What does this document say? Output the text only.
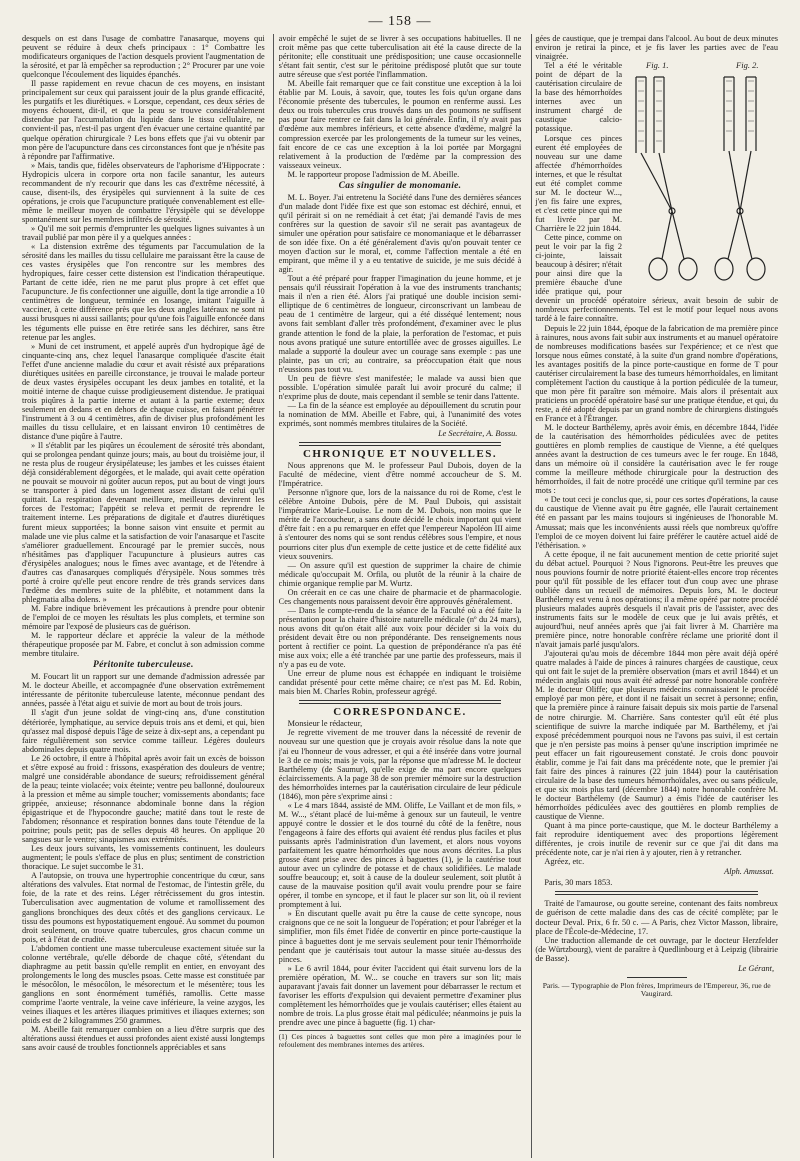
— 158 —

desquels on est dans l'usage de combattre l'anasarque, moyens qui peuvent se réduire à deux chefs principaux : 1° Combattre les modificateurs organiques de l'action desquels provient l'augmentation de la sérosité, et par là empêcher sa reproduction ; 2° Procurer par une voie quelconque l'écoulement des liquides épanchés.

Il passe rapidement en revue chacun de ces moyens, en insistant principalement sur ceux qui paraissent jouir de la plus grande efficacité, les purgatifs et les diurétiques. « Lorsque, cependant, ces deux séries de moyens échouent, dit-il, et que la peau se trouve considérablement distendue par l'accumulation du liquide dans le tissu cellulaire, ne convient-il pas, n'est-il pas urgent d'en évacuer une certaine quantité par quelque opération chirurgicale ? Les bons effets que j'ai vu obtenir par mon père de l'acupuncture dans ces circonstances font que je n'hésite pas à répondre par l'affirmative.

» Mais, tandis que, fidèles observateurs de l'aphorisme d'Hippocrate : Hydropicis ulcera in corpore orta non facile sanantur, les auteurs recommandent de n'y recourir que dans les cas d'extrême nécessité, à cause, disent-ils, des érysipèles qui surviennent à la suite de ces opérations, je crois que l'acupuncture pratiquée convenablement est elle-même le meilleur moyen de combattre l'érysipèle qui se développe spontanément sur les membres infiltrés de sérosité.

» Qu'il me soit permis d'emprunter les quelques lignes suivantes à un travail publié par mon père il y a quelques années :

« La distension extrême des téguments par l'accumulation de la sérosité dans les mailles du tissu cellulaire me paraissant être la cause de ces vastes érysipèles que l'on rencontre sur les membres des hydropiques, faire cesser cette distension est l'indication thérapeutique. Partant de cette idée, rien ne me parut plus propre à cet effet que l'acupuncture. Je fis confectionner une aiguille, dont la tige arrondie a 10 centimètres de longueur, terminée en losange, imitant l'aiguille à vacciner, à cette différence près que les deux angles latéraux ne sont ni aussi brusques ni aussi saillants; pour qu'une fois l'aiguille enfoncée dans les téguments elle puisse en être retirée sans les déchirer, sans être retenue par les angles.

» Muni de cet instrument, et appelé auprès d'un hydropique âgé de cinquante-cinq ans, chez lequel l'anasarque compliquée d'ascite était l'effet d'une ancienne maladie du cœur et avait résisté aux préparations diurétiques usitées en pareille circonstance, je trouvai le malade porteur de deux vastes érysipèles occupant les deux jambes en totalité, et la moitié interne de chaque cuisse prodigieusement distendue. Je pratiquai trois piqûres à la partie interne et autant à la partie externe; deux seulement en dedans et en dehors de chaque cuisse, en faisant pénétrer l'instrument à 3 ou 4 centimètres, afin de diviser plus profondément les mailles du tissu cellulaire, et en laissant environ 10 centimètres de distance d'une piqûre à l'autre.

» Il s'établit par les piqûres un écoulement de sérosité très abondant, qui se prolongea pendant quinze jours; mais, au bout du troisième jour, il ne resta plus de rougeur érysipélateuse; les jambes et les cuisses étaient déjà considérablement dégorgées, et le malade, qui avait cette opération ne pouvait se mouvoir ni goûter aucun repos, put au bout de vingt jours se transporter à pied dans un logement assez distant de celui qu'il quittait. La respiration devenant meilleure, meilleures devinrent les forces de l'estomac; l'appétit se releva et permit de reprendre le traitement interne. Les préparations de digitale et d'autres diurétiques furent mieux supportées; la bonne saison vint ensuite et permit au malade une vie plus calme et la satisfaction de voir l'anasarque et l'ascite s'améliorer graduellement. Encouragé par le premier succès, nous n'hésitâmes pas d'appliquer l'acupuncture à plusieurs autres cas d'érysipèles analogues; nous le fîmes avec avantage, et de l'étendre à d'autres cas d'anasarques compliqués d'érysipèle. Nous sommes très porté à croire qu'elle peut encore rendre de très grands services dans l'œdème des membres suite de la phlébite, et notamment dans la phlegmatia alba dolens. »

M. Fabre indique brièvement les précautions à prendre pour obtenir de l'emploi de ce moyen les résultats les plus complets, et termine son mémoire par l'exposé de plusieurs cas de guérison.

M. le rapporteur déclare et apprécie la valeur de la méthode thérapeutique proposée par M. Fabre, et conclut à son admission comme membre titulaire.

Péritonite tuberculeuse.

M. Foucart lit un rapport sur une demande d'admission adressée par M. le docteur Abeille, et accompagnée d'une observation extrêmement intéressante de péritonite tuberculeuse latente, méconnue pendant des années, passée à l'état aigu et suivie de mort au bout de trois jours.

Il s'agit d'un jeune soldat de vingt-cinq ans, d'une constitution détériorée, lymphatique, au service depuis trois ans et demi, et qui, bien qu'assez mal disposé depuis l'âge de seize à dix-sept ans, a cependant pu faire régulièrement son service comme tailleur. Légères douleurs abdominales depuis quatre mois.

Le 26 octobre, il entre à l'hôpital après avoir fait un excès de boisson et s'être exposé au froid : frissons, exaspération des douleurs de ventre; malgré une considérable abondance de sueurs; refroidissement général de la peau; teinte violacée; voix éteinte; ventre peu ballonné, douloureux à la pression et même au simple toucher; vomissements abondants; face grippée, anxieuse; résonnance abdominale bonne dans la région épigastrique et de l'hypocondre gauche; matité dans tout le reste de l'abdomen; résonnance et respiration bonnes dans toute l'étendue de la poitrine; pouls petit; pas de selles depuis 48 heures. On applique 20 sangsues sur le ventre; sinapismes aux extrémités.

Les deux jours suivants, les vomissements continuent, les douleurs augmentent; le pouls s'efface de plus en plus; sentiment de constriction thoracique. Le sujet succombe le 31.

A l'autopsie, on trouva une hypertrophie concentrique du cœur, sans altérations des valvules. Etat normal de l'estomac, de l'intestin grêle, du foie, de la rate et des reins. Léger rétrécissement du gros intestin. Tuberculisation avec augmentation de volume et ramollissement des ganglions bronchiques des deux côtés et des ganglions cervicaux. Le tissu des poumons est hypostatiquement engoué. Au sommet du poumon droit seulement, on trouve quatre tubercules, gros chacun comme un pois, et à l'état de crudité.

L'abdomen contient une masse tuberculeuse exactement située sur la colonne vertébrale, qu'elle déborde de chaque côté, s'étendant du diaphragme au petit bassin qu'elle remplit en entier, en envoyant des prolongements le long des muscles psoas. Cette masse est constituée par le mésocôlon, le mésocôlon, le mésorectum et le mésentère; tous les ganglions en sont énormément tuméfiés, ramollis. Cette masse comprime l'aorte ventrale, la veine cave inférieure, la veine azygos, les veines iliaques et les artères iliaques primitives et iliaques externes; son poids est de 2 kilogrammes 250 grammes.

M. Abeille fait remarquer combien on a lieu d'être surpris que des altérations aussi étendues et aussi profondes aient existé aussi longtemps sans avoir causé de troubles fonctionnels appréciables et sans

avoir empêché le sujet de se livrer à ses occupations habituelles. Il ne croit même pas que cette tuberculisation ait été la cause directe de la péritonite; elle constituait une prédisposition; une cause occasionnelle s'étant fait sentir, c'est sur le péritoine prédisposé plutôt que sur toute autre séreuse que s'est portée l'inflammation.

M. Abeille fait remarquer que ce fait constitue une exception à la loi établie par M. Louis, à savoir, que, toutes les fois qu'un organe dans l'économie présente des tubercules, le poumon en renferme aussi. Les deux ou trois tubercules crus trouvés dans un des poumons ne suffisent pas pour faire rentrer ce fait dans la loi générale. Enfin, il n'y avait pas d'œdème aux membres inférieurs, et cette absence d'œdème, malgré la compression exercée par les prolongements de la tumeur sur les veines, fait encore de ce cas une exception à la loi portée par Morgagni relativement à la production de l'œdème par la compression des vaisseaux veineux.

M. le rapporteur propose l'admission de M. Abeille.

Cas singulier de monomanie.

M. L. Boyer. J'ai entretenu la Société dans l'une des dernières séances d'un malade dont l'idée fixe est que son estomac est déchiré, ennui, et qu'il périrait si on ne remédiait à cet état; j'ai demandé l'avis de mes confrères sur la question de savoir s'il ne serait pas avantageux de simuler une opération pour satisfaire ce monomaniaque et le débarrasser de son idée fixe. On a été généralement d'avis qu'on pouvait tenter ce moyen d'action sur le moral, et, comme l'affection mentale a été en empirant, que même il y a eu tentative de suicide, je me suis décidé à agir.

Tout a été préparé pour frapper l'imagination du jeune homme, et je pensais qu'il réussirait l'opération à la vue des instruments tranchants; mais il n'en a rien été. Alors j'ai pratiqué une double incision semi-elliptique de 6 centimètres de longueur, circonscrivant un lambeau de peau de 1 centimètre de largeur, qui a été disséqué lentement; nous avons fait semblant d'aller très profondément, d'examiner avec le plus grande attention le fond de la plaie, la perforation de l'estomac, et puis nous avons pratiqué une suture entortillée avec de grosses aiguilles. Le malade a supporté la douleur avec un courage sans exemple : pas une plainte, pas un cri; au contraire, sa préoccupation était que nous n'eussions pas tout vu.

Un peu de fièvre s'est manifestée; le malade va aussi bien que possible. L'opération simulée paraît lui avoir procuré du calme; il n'exprime plus de doute, mais cependant il semble se tenir dans l'attente.

— La fin de la séance est employée au dépouillement du scrutin pour la nomination de MM. Abeille et Fabre, qui, à l'unanimité des votes exprimés, sont nommés membres titulaires de la Société.

Le Secrétaire, A. Bossu.
CHRONIQUE ET NOUVELLES.

Nous apprenons que M. le professeur Paul Dubois, doyen de la Faculté de médecine, vient d'être nommé accoucheur de S. M. l'Impératrice.

Personne n'ignore que, lors de la naissance du roi de Rome, c'est le célèbre Antoine Dubois, père de M. Paul Dubois, qui assistait l'impératrice Marie-Louise. Le nom de M. Dubois, non moins que le mérite de l'accoucheur, a sans doute décidé le choix important qui vient d'être fait : en a pu remarquer en effet que l'empereur Napoléon III aime à s'entourer des noms qui se sont rendus célèbres sous l'empire, et nous pourrions citer plus d'un exemple de cette justice et de cette fidélité aux vieux souvenirs.

— On assure qu'il est question de supprimer la chaire de chimie médicale qu'occupait M. Orfila, ou plutôt de la réunir à la chaire de chimie organique remplie par M. Wurtz.

On créerait en ce cas une chaire de pharmacie et de pharmacologie. Ces changements nous paraissent devoir être approuvés généralement.

— Dans le compte-rendu de la séance de la Faculté où a été faite la présentation pour la chaire d'histoire naturelle médicale (nº du 24 mars), nous avons dit qu'on était allé aux voix pour décider si la voix du président devait être ou non prépondérante. Des renseignements nous portent à rectifier ce point. La question de prépondérance n'a pas été mise aux voix; elle a été tranchée par une partie des professeurs, mais il n'y a pas eu de vote.

Une erreur de plume nous est échappée en indiquant le troisième candidat présenté pour cette même chaire; ce n'est pas M. Ed. Robin, mais bien M. Charles Robin, professeur agrégé.

CORRESPONDANCE.

Monsieur le rédacteur,

Je regrette vivement de me trouver dans la nécessité de revenir de nouveau sur une question que je croyais avoir résolue dans la note que j'ai eu l'honneur de vous adresser, et qui a été insérée dans votre journal le 3 de ce mois; mais je vois, par la réponse que m'adresse M. le docteur Barthélemy (de Saumur), qu'elle exige de ma part encore quelques éclaircissements. A la page 38 de son premier mémoire sur la destruction des hémorrhoïdes internes par la cautérisation circulaire de leur pédicule (1846), mon père s'exprime ainsi :

« Le 4 mars 1844, assisté de MM. Oliffe, Le Vaillant et de mon fils, » M. W..., s'étant placé de lui-même à genoux sur un fauteuil, le ventre appuyé contre le dossier et le dos tourné du côté de la fenêtre, nous l'engageons à faire des efforts qui avaient été rendus plus faciles et plus puissants après l'administration d'un lavement, et alors nous voyons parfaitement les quatre hémorrhoïdes que nous avons décrites. La plus grosse étant prise avec des pinces à baguettes (1), je la cautérise tout autour avec un cylindre de potasse et de chaux solidifiées. Le malade souffre beaucoup; et, soit à cause de la douleur seulement, soit plutôt à cause de la mauvaise position qu'il avait voulu prendre pour se faire opérer, il tombe en syncope, et il faut le placer sur son lit, où il revient promptement à lui.

» En discutant quelle avait pu être la cause de cette syncope, nous craignons que ce ne soit la longueur de l'opération; et pour l'abréger et la simplifier, mon fils émet l'idée de convertir en pince porte-caustique la pince à baguettes dont je me servais seulement pour tenir l'hémorrhoïde pendant que je cautérisais tout autour la masse située au-dessus des pinces.

» Le 6 avril 1844, pour éviter l'accident qui était survenu lors de la première opération, M. W... se couche en travers sur son lit; mais auparavant j'avais fait donner un lavement pour débarrasser le rectum et favoriser les efforts d'expulsion qui devaient permettre d'examiner plus complètement les hémorrhoïdes que je voulais cautériser; elles étaient au nombre de trois. La plus grosse était mal pédiculée; néanmoins je puis la prendre avec une pince à baguette (fig. 1) char-

(1) Ces pinces à baguettes sont celles que mon père a imaginées pour le refoulement des membranes internes des artères.

gées de caustique, que je trempai dans l'alcool. Au bout de deux minutes environ je retirai la pince, et je fis laver les parties avec de l'eau vinaigrée.

Fig. 1.	Fig. 2.

Tel a été le véritable point de départ de la cautérisation circulaire de la base des hémorrhoïdes internes avec un instrument chargé de caustique calcio-potassique.

Lorsque ces pinces eurent été employées de nouveau sur une dame affectée d'hémorrhoïdes internes, et que le résultat eut été complet comme sur M. le docteur W..., j'en fis faire une expres, et c'est cette pince qui me fut livrée par M. Charrière le 22 juin 1844.

Cette pince, comme on peut le voir par la fig 2 ci-jointe, laissait beaucoup à désirer; n'était pour ainsi dire que la première ébauche d'une idée pratique qui, pour devenir un procédé opératoire sérieux, avait besoin de subir de nombreux perfectionnements. Tel est le motif pour lequel nous avons tardé à le faire connaître.

Depuis le 22 juin 1844, époque de la fabrication de ma première pince à rainures, nous avons fait subir aux instruments et au manuel opératoire de nombreuses modifications basées sur l'expérience; et ce n'est que lorsque nous eûmes constaté, à la suite d'un grand nombre d'opérations, les avantages positifs de la pince porte-caustique en forme de T pour cautériser circulairement la base des tumeurs hémorrhoïdales, en limitant complètement l'action du caustique à la portion pédiculée de la tumeur, que mon père fit paraître son mémoire. Mais alors il présentait aux praticiens un procédé opératoire basé sur une pratique étendue, et qui, du reste, a été adopté depuis par un grand nombre de chirurgiens distingués en France et à l'Étranger.

M. le docteur Barthélemy, après avoir émis, en décembre 1844, l'idée de la cautérisation des hémorrhoïdes pédiculées avec de petites gouttières en plomb remplies de caustique de Vienne, a été quelques années avant la destruction de ces tumeurs avec le fer rouge. En 1848, dans un mémoire où il considère la cautérisation avec le fer rouge comme la meilleure méthode chirurgicale pour la destruction des hémorrhoïdes, il fait de notre procédé une critique qu'il termine par ces mots :

« De tout ceci je conclus que, si, pour ces sortes d'opérations, la cause du caustique de Vienne avait pu être gagnée, elle l'aurait certainement été en passant par les mains toujours si ingénieuses de l'honorable M. Amussat; mais que les inconvénients aussi réels que nombreux qu'offre l'emploi de ce moyen doivent lui faire préférer le cautère actuel aidé de l'éthérisation. »

A cette époque, il ne fait aucunement mention de cette priorité sujet du débat actuel. Pourquoi ? Nous l'ignorons. Peut-être les preuves que nous pouvions fournir de notre priorité étaient-elles encore trop récentes pour qu'il fût possible de les effacer tout d'un coup avec une phrase oubliée dans un recueil de mémoires. Depuis lors, M. le docteur Barthélemy est venu à nos opérations; il a même opéré par notre procédé plusieurs malades auprès desquels il n'avait pris de l'assister, avec des instruments faits sur le modèle de ceux que je lui avais prêtés, et aujourd'hui, neuf années après que j'ai fait livrer à M. Charrière ma première pince, notre honorable confrère réclame une priorité dont il n'avait jamais parlé jusqu'alors.

J'ajouterai qu'au mois de décembre 1844 mon père avait déjà opéré quatre malades à l'aide de pinces à rainures chargées de caustique, ceux qui ont fait le sujet de la première observation (mars et avril 1844) et un médecin anglais qui nous avait été adressé par notre honorable confrère M. le docteur Oliffe; que plusieurs médecins connaissaient le procédé employé par mon père, et dont il ne faisait un secret à personne; enfin, que la première pince à rainure faisait depuis six mois partie de l'arsenal de notre chirurgie. M. Charrière. Sans contester qu'il eût été plus scientifique de suivre la marche indiquée par M. Barthélemy, et j'ai exposé précédemment pourquoi nous ne l'avons pas suivi, il est certain que je n'en persiste pas moins à penser qu'une inscription imprimée ne peut effacer un fait rigoureusement constaté. Je crois donc pouvoir établir, comme je l'ai fait dans ma précédente note, que le premier j'ai fait faire des pinces à rainures (22 juin 1844) pour la cautérisation circulaire de la base des tumeurs hémorrhoïdales, avec ou sans pédicule, et que six mois plus tard (décembre 1844) notre honorable confrère M. le docteur Barthélemy (de Saumur) a émis l'idée de cautériser les hémorrhoïdes pédiculées avec des gouttières en plomb remplies de caustique de Vienne.

Quant à ma pince porte-caustique, que M. le docteur Barthélemy a fait reproduire identiquement avec des proportions légèrement différentes, je crois inutile de revenir sur ce que j'ai dit dans ma précédente note, car je n'ai rien à y ajouter, rien à y retrancher.

Agréez, etc.

Alph. Amussat.

Paris, 30 mars 1853.

Traité de l'amaurose, ou goutte sereine, contenant des faits nombreux de guérison de cette maladie dans des cas de cécité complète; par le docteur Deval. Prix, 6 fr. 50 c. — A Paris, chez Victor Masson, libraire, place de l'École-de-Médecine, 17.

Une traduction allemande de cet ouvrage, par le docteur Herzfelder (de Würtzbourg), vient de paraître à Quedlinbourg et à Leipzig (librairie de Basse).

Le Gérant,
Paris. — Typographie de Plon frères, Imprimeurs de l'Empereur, 36, rue de Vaugirard.
